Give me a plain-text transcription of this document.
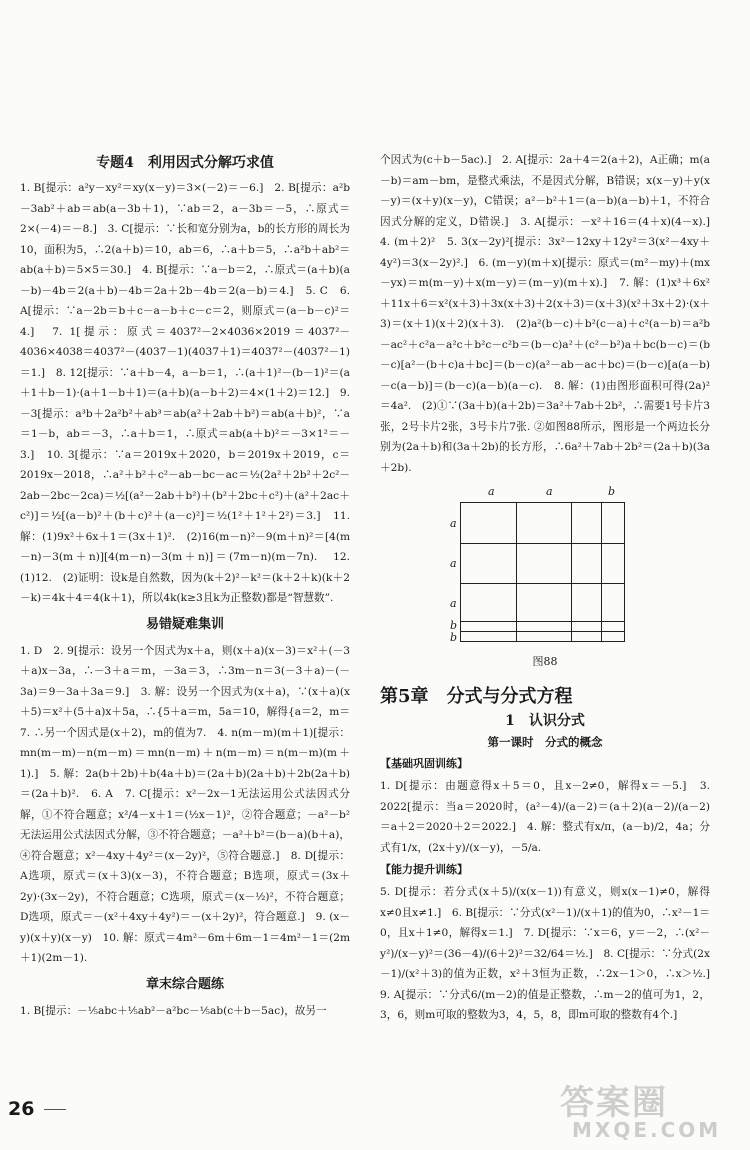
专题4　利用因式分解巧求值

1. B[提示：a²y－xy²＝xy(x－y)＝3×(－2)＝－6.]　2. B[提示：a²b－3ab²＋ab＝ab(a－3b＋1)，∵ab＝2，a－3b＝－5，∴原式＝2×(－4)＝－8.]　3. C[提示：∵长和宽分别为a，b的长方形的周长为10，面积为5，∴2(a＋b)＝10，ab＝6，∴a＋b＝5，∴a²b＋ab²＝ab(a＋b)＝5×5＝30.]　4. B[提示：∵a－b＝2，∴原式＝(a＋b)(a－b)－4b＝2(a＋b)－4b＝2a＋2b－4b＝2(a－b)＝4.]　5. C　6. A[提示：∵a－2b＝b＋c－a－b＋c－c＝2，则原式＝(a－b－c)²＝4.]　7. 1[提示：原式＝4037²－2×4036×2019＝4037²－4036×4038＝4037²－(4037－1)(4037＋1)＝4037²－(4037²－1)＝1.]　8. 12[提示：∵a＋b－4，a－b＝1，∴(a＋1)²－(b－1)²＝(a＋1＋b－1)·(a＋1－b＋1)＝(a＋b)(a－b＋2)＝4×(1＋2)＝12.]　9. －3[提示：a³b＋2a²b²＋ab³＝ab(a²＋2ab＋b²)＝ab(a＋b)²，∵a＝1－b，ab＝－3，∴a＋b＝1，∴原式＝ab(a＋b)²＝－3×1²＝－3.]　10. 3[提示：∵a＝2019x＋2020，b＝2019x＋2019，c＝2019x－2018，∴a²＋b²＋c²－ab－bc－ac＝½(2a²＋2b²＋2c²－2ab－2bc－2ca)＝½[(a²－2ab＋b²)＋(b²＋2bc＋c²)＋(a²＋2ac＋c²)]＝½[(a－b)²＋(b＋c)²＋(a－c)²]＝½(1²＋1²＋2²)＝3.]　11. 解：(1)9x²＋6x＋1＝(3x＋1)².　(2)16(m－n)²－9(m＋n)²＝[4(m－n)－3(m＋n)][4(m－n)－3(m＋n)]＝(7m－n)(m－7n).　12. (1)12.　(2)证明：设k是自然数，因为(k＋2)²－k²＝(k＋2＋k)(k＋2－k)＝4k＋4＝4(k＋1)，所以4k(k≥3且k为正整数)都是“智慧数”.

易错疑难集训

1. D　2. 9[提示：设另一个因式为x＋a，则(x＋a)(x－3)＝x²＋(－3＋a)x－3a，∴－3＋a＝m，－3a＝3，∴3m－n＝3(－3＋a)－(－3a)＝9－3a＋3a＝9.]　3. 解：设另一个因式为(x＋a)，∵(x＋a)(x＋5)＝x²＋(5＋a)x＋5a，∴{5＋a＝m，5a＝10，解得{a＝2，m＝7. ∴另一个因式是(x＋2)，m的值为7.　4. n(m－m)(m＋1)[提示：mn(m－m)－n(m－m)＝mn(n－m)＋n(m－m)＝n(m－m)(m＋1).]　5. 解：2a(b＋2b)＋b(4a＋b)＝(2a＋b)(2a＋b)＋2b(2a＋b)＝(2a＋b)².　6. A　7. C[提示：x²－2x－1无法运用公式法因式分解，①不符合题意；x²/4－x＋1＝(½x－1)²，②符合题意；－a²－b²无法运用公式法因式分解，③不符合题意；－a²＋b²＝(b－a)(b＋a)，④符合题意；x²－4xy＋4y²＝(x－2y)²，⑤符合题意.]　8. D[提示：A选项，原式＝(x＋3)(x－3)，不符合题意；B选项，原式＝(3x＋2y)·(3x－2y)，不符合题意；C选项，原式＝(x－½)²，不符合题意；D选项，原式＝－(x²＋4xy＋4y²)＝－(x＋2y)²，符合题意.]　9. (x－y)(x＋y)(x－y)　10. 解：原式＝4m²－6m＋6m－1＝4m²－1＝(2m＋1)(2m－1).

章末综合题练

1. B[提示：－⅕abc＋⅕ab²－a²bc－⅕ab(c＋b－5ac)，故另一

个因式为(c＋b－5ac).]　2. A[提示：2a＋4＝2(a＋2)，A正确；m(a－b)＝am－bm，是整式乘法，不是因式分解，B错误；x(x－y)＋y(x－y)＝(x＋y)(x－y)，C错误；a²－b²＋1＝(a－b)(a－b)＋1，不符合因式分解的定义，D错误.]　3. A[提示：－x²＋16＝(4＋x)(4－x).]　4. (m＋2)²　5. 3(x－2y)²[提示：3x²－12xy＋12y²＝3(x²－4xy＋4y²)＝3(x－2y)².]　6. (m－y)(m＋x)[提示：原式＝(m²－my)＋(mx－yx)＝m(m－y)＋x(m－y)＝(m－y)(m＋x).]　7. 解：(1)x³＋6x²＋11x＋6＝x²(x＋3)＋3x(x＋3)＋2(x＋3)＝(x＋3)(x²＋3x＋2)·(x＋3)＝(x＋1)(x＋2)(x＋3).　(2)a²(b－c)＋b²(c－a)＋c²(a－b)＝a²b－ac²＋c²a－a²c＋b²c－c²b＝(b－c)a²＋(c²－b²)a＋bc(b－c)＝(b－c)[a²－(b＋c)a＋bc]＝(b－c)(a²－ab－ac＋bc)＝(b－c)[a(a－b)－c(a－b)]＝(b－c)(a－b)(a－c).　8. 解：(1)由图形面积可得(2a)²＝4a².　(2)①∵(3a＋b)(a＋2b)＝3a²＋7ab＋2b²，∴需要1号卡片3张，2号卡片2张，3号卡片7张. ②如图88所示，图形是一个两边长分别为(2a＋b)和(3a＋2b)的长方形，∴6a²＋7ab＋2b²＝(2a＋b)(3a＋2b).

a	a	b
a
a
a
b
b
图88
第5章　分式与分式方程
1　认识分式
第一课时　分式的概念
【基础巩固训练】

1. D[提示：由题意得x＋5＝0，且x－2≠0，解得x＝－5.]　3. 2022[提示：当a＝2020时，(a²－4)/(a－2)＝(a＋2)(a－2)/(a－2)＝a＋2＝2020＋2＝2022.]　4. 解：整式有x/π，(a－b)/2，4a；分式有1/x，(2x＋y)/(x－y)，－5/a.

【能力提升训练】

5. D[提示：若分式(x＋5)/(x(x－1))有意义，则x(x－1)≠0，解得x≠0且x≠1.]　6. B[提示：∵分式(x²－1)/(x＋1)的值为0，∴x²－1＝0，且x＋1≠0，解得x＝1.]　7. D[提示：∵x＝6，y＝－2，∴(x²－y²)/(x－y)²＝(36－4)/(6＋2)²＝32/64＝½.]　8. C[提示：∵分式(2x－1)/(x²＋3)的值为正数，x²＋3恒为正数，∴2x－1＞0，∴x＞½.]　9. A[提示：∵分式6/(m－2)的值是正整数，∴m－2的值可为1，2，3，6，则m可取的整数为3，4，5，8，即m可取的整数有4个.]

26	答案圈
MXQE.COM
